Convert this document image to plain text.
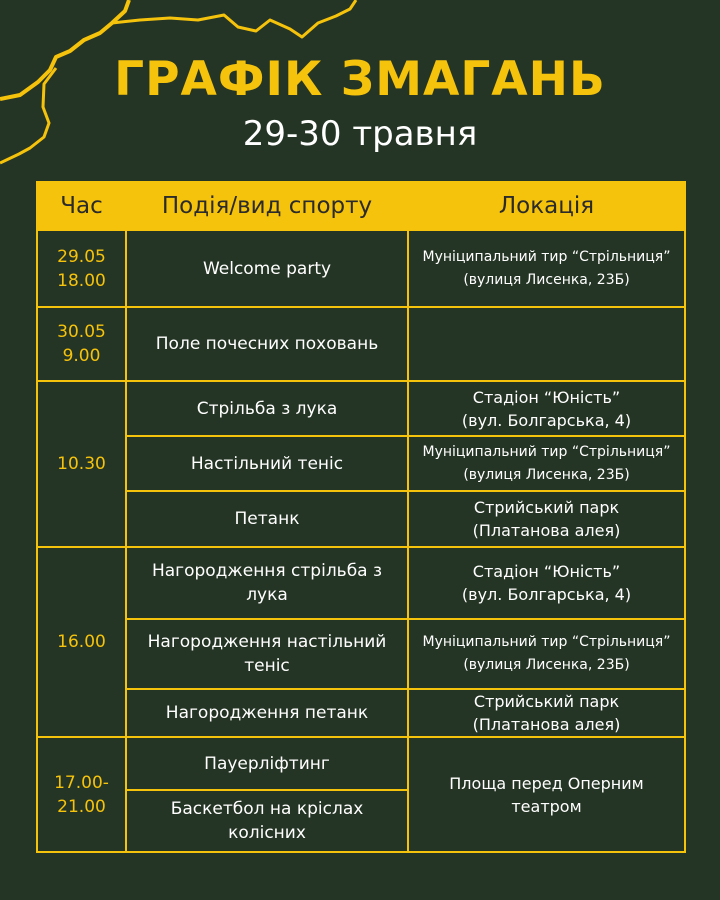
ГРАФІК ЗМАГАНЬ
29-30 травня
Час	Подія/вид спорту	Локація

29.05
18.00	Welcome party	Муніципальний тир “Стрільниця”
(вулиця Лисенка, 23Б)

30.05
9.00	Поле почесних поховань	

10.30	Стрільба з лука	Стадіон “Юність”
(вул. Болгарська, 4)

	Настільний теніс	Муніципальний тир “Стрільниця”
(вулиця Лисенка, 23Б)

	Петанк	Стрийський парк
(Платанова алея)

16.00	Нагородження стрільба з
лука	Стадіон “Юність”
(вул. Болгарська, 4)

	Нагородження настільний
теніс	Муніципальний тир “Стрільниця”
(вулиця Лисенка, 23Б)

	Нагородження петанк	Стрийський парк
(Платанова алея)

17.00-
21.00	Пауерліфтинг	Площа перед Оперним
театром

	Баскетбол на кріслах
колісних	
